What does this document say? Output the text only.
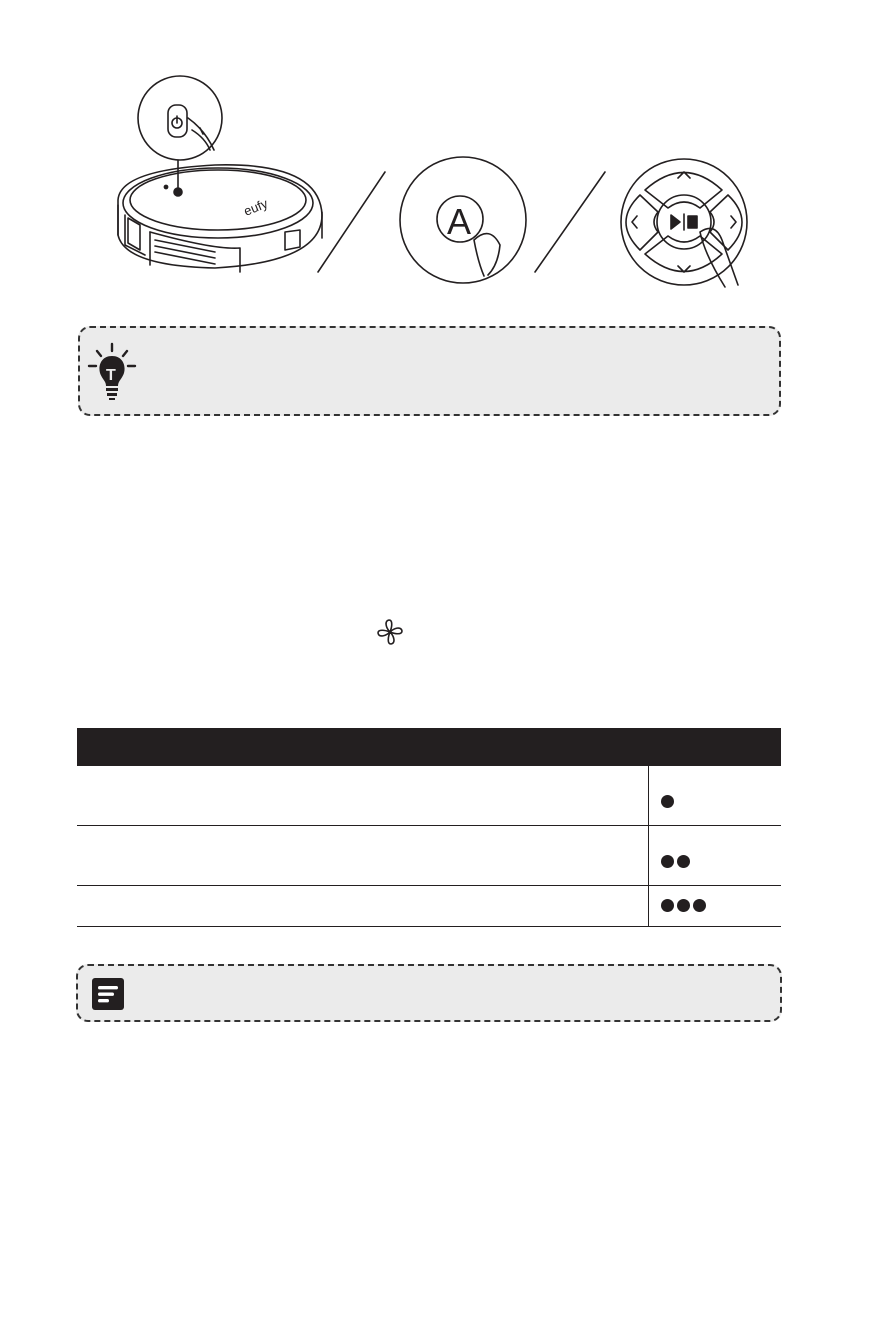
eufy	A
T
